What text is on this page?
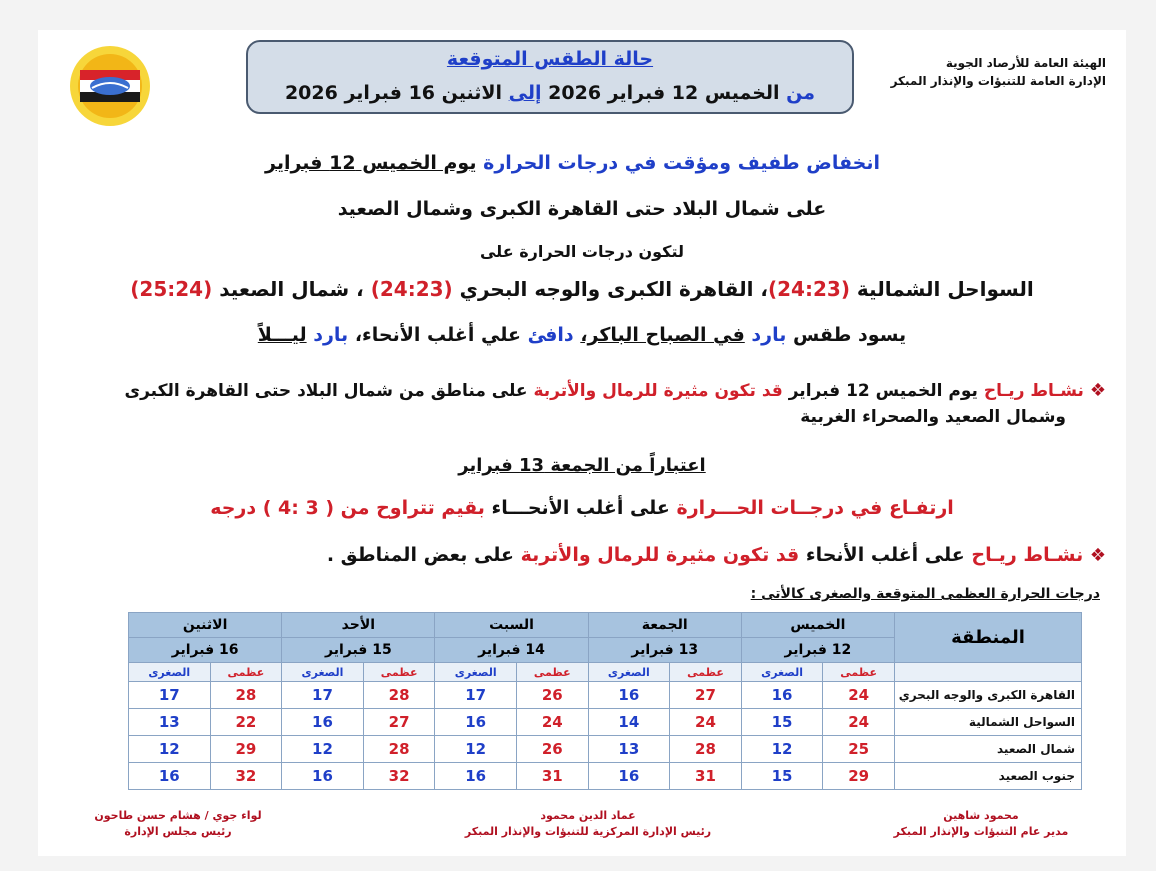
الهيئة العامة للأرصاد الجوية
الإدارة العامة للتنبؤات والإنذار المبكر
حالة الطقس المتوقعة
من الخميس 12 فبراير 2026 إلى الاثنين 16 فبراير 2026
انخفاض طفيف ومؤقت في درجات الحرارة يوم الخميس 12 فبراير
على شمال البلاد حتى القاهرة الكبرى وشمال الصعيد
لتكون درجات الحرارة على
السواحل الشمالية (24:23)، القاهرة الكبرى والوجه البحري (24:23) ، شمال الصعيد (25:24)
يسود طقس بارد في الصباح الباكر، دافئ علي أغلب الأنحاء، بارد ليـــلاً
❖ نشـاط ريـاح يوم الخميس 12 فبراير قد تكون مثيرة للرمال والأتربة على مناطق من شمال البلاد حتى القاهرة الكبرى
وشمال الصعيد والصحراء الغربية
اعتباراً من الجمعة 13 فبراير
ارتفـاع في درجــات الحـــرارة على أغلب الأنحـــاء بقيم تتراوح من ( 3 :4 ) درجه
❖ نشـاط ريـاح على أغلب الأنحاء قد تكون مثيرة للرمال والأتربة على بعض المناطق .
درجات الحرارة العظمى المتوقعة والصغرى كالأتى :
المنطقة	الخميس		الجمعة		السبت		الأحد		الاثنين	
	12 فبراير		13 فبراير		14 فبراير		15 فبراير		16 فبراير	
	عظمى	الصغرى	عظمى	الصغرى	عظمى	الصغرى	عظمى	الصغرى	عظمى	الصغرى
القاهرة الكبرى والوجه البحري	24	16	27	16	26	17	28	17	28	17
السواحل الشمالية	24	15	24	14	24	16	27	16	22	13
شمال الصعيد	25	12	28	13	26	12	28	12	29	12
جنوب الصعيد	29	15	31	16	31	16	32	16	32	16
محمود شاهين
مدير عام التنبؤات والإنذار المبكر
عماد الدين محمود
رئيس الإدارة المركزية للتنبؤات والإنذار المبكر
لواء جوي / هشام حسن طاحون
رئيس مجلس الإدارة
